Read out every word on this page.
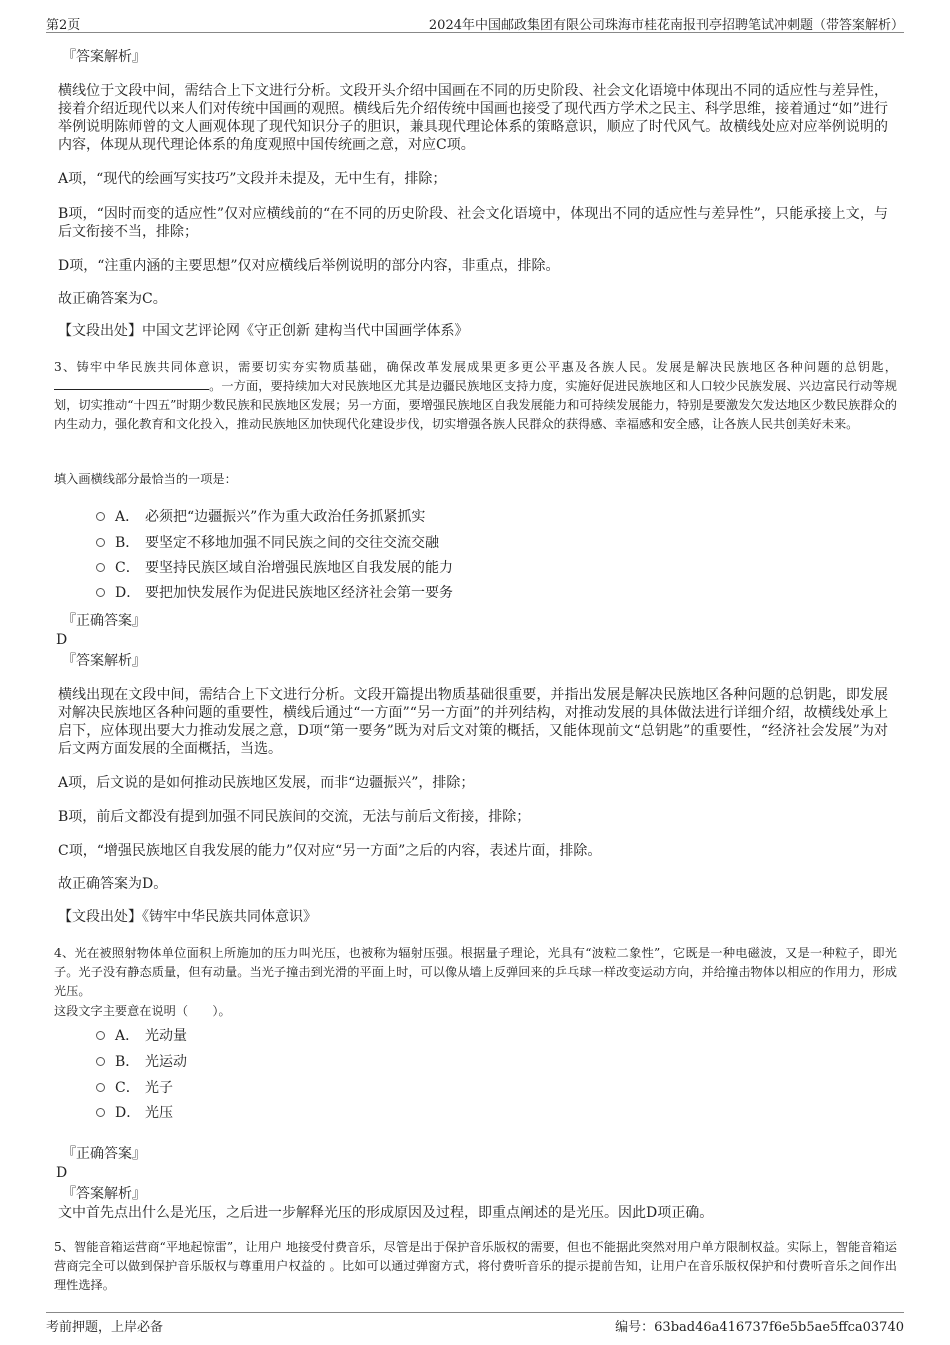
第2页	2024年中国邮政集团有限公司珠海市桂花南报刊亭招聘笔试冲刺题（带答案解析）

『答案解析』

横线位于文段中间，需结合上下文进行分析。文段开头介绍中国画在不同的历史阶段、社会文化语境中体现出不同的适应性与差异性，接着介绍近现代以来人们对传统中国画的观照。横线后先介绍传统中国画也接受了现代西方学术之民主、科学思维，接着通过“如”进行举例说明陈师曾的文人画观体现了现代知识分子的胆识，兼具现代理论体系的策略意识，顺应了时代风气。故横线处应对应举例说明的内容，体现从现代理论体系的角度观照中国传统画之意，对应C项。

A项，“现代的绘画写实技巧”文段并未提及，无中生有，排除；

B项，“因时而变的适应性”仅对应横线前的“在不同的历史阶段、社会文化语境中，体现出不同的适应性与差异性”，只能承接上文，与后文衔接不当，排除；

D项，“注重内涵的主要思想”仅对应横线后举例说明的部分内容，非重点，排除。

故正确答案为C。

【文段出处】中国文艺评论网《守正创新 建构当代中国画学体系》

3、铸牢中华民族共同体意识，需要切实夯实物质基础，确保改革发展成果更多更公平惠及各族人民。发展是解决民族地区各种问题的总钥匙，。一方面，要持续加大对民族地区尤其是边疆民族地区支持力度，实施好促进民族地区和人口较少民族发展、兴边富民行动等规划，切实推动“十四五”时期少数民族和民族地区发展；另一方面，要增强民族地区自我发展能力和可持续发展能力，特别是要激发欠发达地区少数民族群众的内生动力，强化教育和文化投入，推动民族地区加快现代化建设步伐，切实增强各族人民群众的获得感、幸福感和安全感，让各族人民共创美好未来。

填入画横线部分最恰当的一项是：

A． 必须把“边疆振兴”作为重大政治任务抓紧抓实
B． 要坚定不移地加强不同民族之间的交往交流交融
C． 要坚持民族区域自治增强民族地区自我发展的能力
D． 要把加快发展作为促进民族地区经济社会第一要务

『正确答案』

D

『答案解析』

横线出现在文段中间，需结合上下文进行分析。文段开篇提出物质基础很重要，并指出发展是解决民族地区各种问题的总钥匙，即发展对解决民族地区各种问题的重要性，横线后通过“一方面”“另一方面”的并列结构，对推动发展的具体做法进行详细介绍，故横线处承上启下，应体现出要大力推动发展之意，D项“第一要务”既为对后文对策的概括，又能体现前文“总钥匙”的重要性，“经济社会发展”为对后文两方面发展的全面概括，当选。

A项，后文说的是如何推动民族地区发展，而非“边疆振兴”，排除；

B项，前后文都没有提到加强不同民族间的交流，无法与前后文衔接，排除；

C项，“增强民族地区自我发展的能力”仅对应“另一方面”之后的内容，表述片面，排除。

故正确答案为D。

【文段出处】《铸牢中华民族共同体意识》

4、光在被照射物体单位面积上所施加的压力叫光压，也被称为辐射压强。根据量子理论，光具有“波粒二象性”，它既是一种电磁波，又是一种粒子，即光子。光子没有静态质量，但有动量。当光子撞击到光滑的平面上时，可以像从墙上反弹回来的乒乓球一样改变运动方向，并给撞击物体以相应的作用力，形成光压。

这段文字主要意在说明（　　）。

A． 光动量
B． 光运动
C． 光子
D． 光压

『正确答案』

D

『答案解析』

文中首先点出什么是光压，之后进一步解释光压的形成原因及过程，即重点阐述的是光压。因此D项正确。

5、智能音箱运营商“平地起惊雷”，让用户 地接受付费音乐，尽管是出于保护音乐版权的需要，但也不能据此突然对用户单方限制权益。实际上，智能音箱运营商完全可以做到保护音乐版权与尊重用户权益的 。比如可以通过弹窗方式，将付费听音乐的提示提前告知，让用户在音乐版权保护和付费听音乐之间作出理性选择。

考前押题，上岸必备	编号：63bad46a416737f6e5b5ae5ffca03740
